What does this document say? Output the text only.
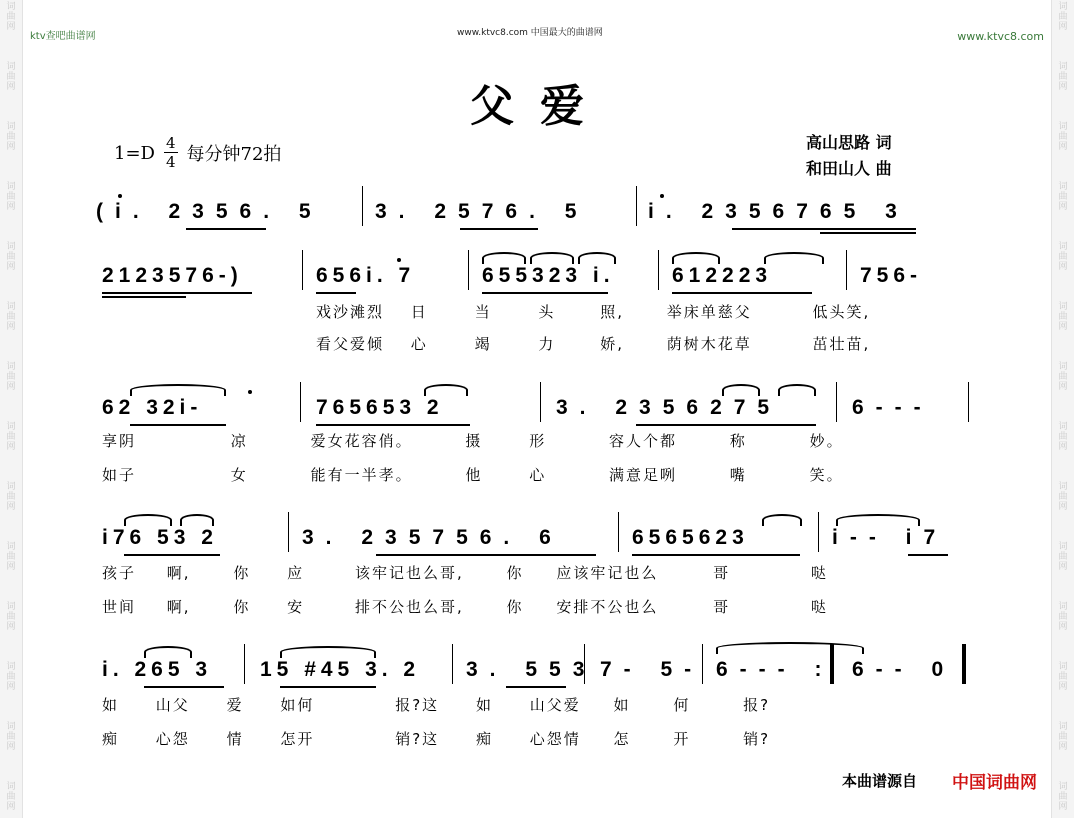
词
曲
网
词
曲
网
词
曲
网
词
曲
网
词
曲
网
词
曲
网
词
曲
网
词
曲
网
词
曲
网
词
曲
网
词
曲
网
词
曲
网
词
曲
网
词
曲
网
词
曲
网
词
曲
网
词
曲
网
词
曲
网
词
曲
网
词
曲
网
词
曲
网
词
曲
网
词
曲
网
词
曲
网
词
曲
网
词
曲
网
词
曲
网
词
曲
网
ktv查吧曲谱网	www.ktvc8.com 中国最大的曲谱网	www.ktvc8.com
父爱
$1=D \frac{4}{4}$ 每分钟72拍
高山思路 词
和田山人 曲
(i. 2356. 5 3. 2576. 5	i. 2356765 3
2123576-)	656i. 7	655323 i.	612223	756-
戏沙滩烈 日	当	头	照,	举床单慈父	低头笑,
看父爱倾 心	竭	力	娇,	荫树木花草	茁壮苗,
62 32i-	765653 2	3. 2356275	6---
享阴	凉	爱女花容俏。	摄	形	容人个都	称	妙。
如子	女	能有一半孝。	他	心	满意足咧	嘴	笑。
i76 53 2	3. 235756. 6	6565623	i-- i7
孩子 啊,	你 应	该牢记也么哥,	你 应该牢记也么	哥	哒
世间 啊,	你 安	排不公也么哥,	你 安排不公也么	哥	哒
i. 265 3 15 #45 3. 2 3. 553 7- 5- 6--- : 6-- 0
如 山父 爱 如何	报?这 如 山父爱 如	何	报?
痴 心怨 情 怎开	销?这 痴 心怨情 怎	开	销?
本曲谱源自 中国词曲网
